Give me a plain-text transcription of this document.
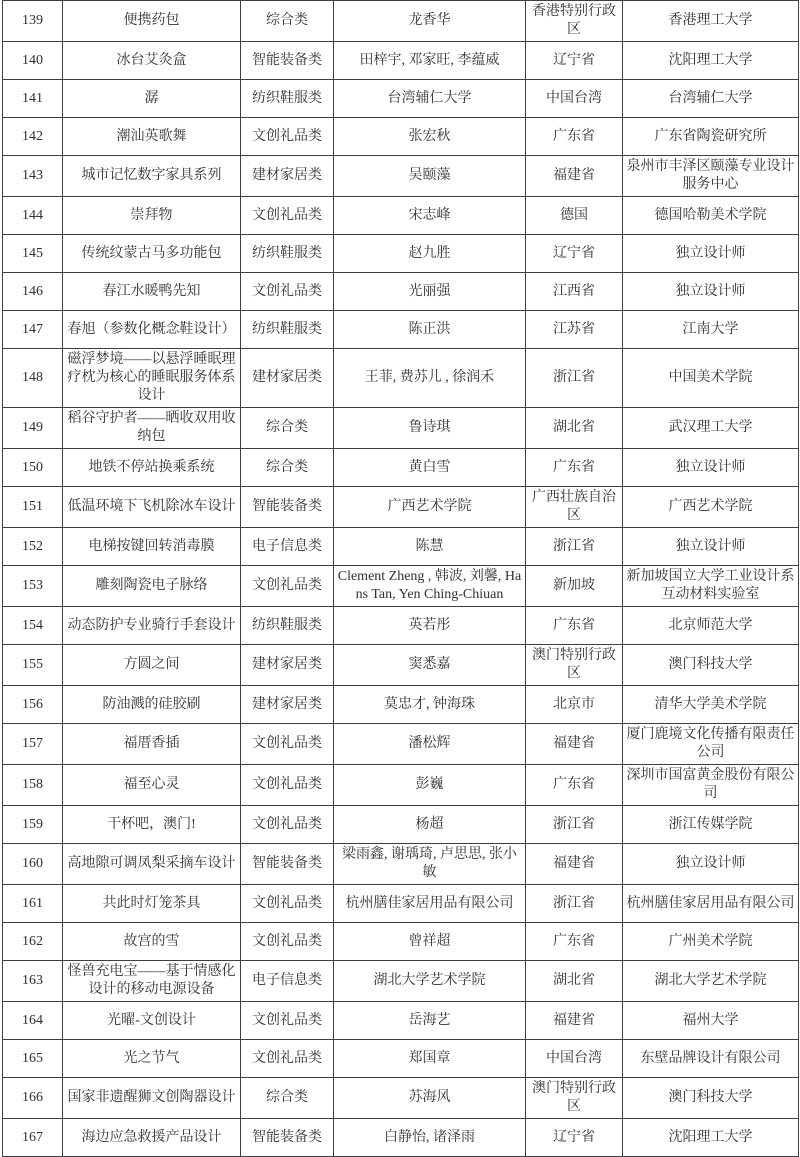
139	便携药包	综合类	龙香华	香港特别行政区	香港理工大学
140	冰台艾灸盒	智能装备类	田梓宇, 邓家旺, 李蕴威	辽宁省	沈阳理工大学
141	潺	纺织鞋服类	台湾辅仁大学	中国台湾	台湾辅仁大学
142	潮汕英歌舞	文创礼品类	张宏秋	广东省	广东省陶瓷研究所
143	城市记忆数字家具系列	建材家居类	吴颐藻	福建省	泉州市丰泽区颐藻专业设计服务中心
144	崇拜物	文创礼品类	宋志峰	德国	德国哈勒美术学院
145	传统纹蒙古马多功能包	纺织鞋服类	赵九胜	辽宁省	独立设计师
146	春江水暖鸭先知	文创礼品类	光丽强	江西省	独立设计师
147	春旭（参数化概念鞋设计）	纺织鞋服类	陈正洪	江苏省	江南大学
148	磁浮梦境——以悬浮睡眠理疗枕为核心的睡眠服务体系设计	建材家居类	王菲, 费苏儿 , 徐润禾	浙江省	中国美术学院
149	稻谷守护者——晒收双用收纳包	综合类	鲁诗琪	湖北省	武汉理工大学
150	地铁不停站换乘系统	综合类	黄白雪	广东省	独立设计师
151	低温环境下飞机除冰车设计	智能装备类	广西艺术学院	广西壮族自治区	广西艺术学院
152	电梯按键回转消毒膜	电子信息类	陈慧	浙江省	独立设计师
153	雕刻陶瓷电子脉络	文创礼品类	Clement Zheng , 韩波, 刘馨, Hans Tan, Yen Ching-Chiuan	新加坡	新加坡国立大学工业设计系互动材料实验室
154	动态防护专业骑行手套设计	纺织鞋服类	英若彤	广东省	北京师范大学
155	方圆之间	建材家居类	窦悉嘉	澳门特别行政区	澳门科技大学
156	防油溅的硅胶刷	建材家居类	莫忠才, 钟海珠	北京市	清华大学美术学院
157	福厝香插	文创礼品类	潘松辉	福建省	厦门鹿境文化传播有限责任公司
158	福至心灵	文创礼品类	彭巍	广东省	深圳市国富黄金股份有限公司
159	干杯吧，澳门!	文创礼品类	杨超	浙江省	浙江传媒学院
160	高地隙可调凤梨采摘车设计	智能装备类	梁雨鑫, 谢瑀琦, 卢思思, 张小敏	福建省	独立设计师
161	共此时灯笼茶具	文创礼品类	杭州膳佳家居用品有限公司	浙江省	杭州膳佳家居用品有限公司
162	故宫的雪	文创礼品类	曾祥超	广东省	广州美术学院
163	怪兽充电宝——基于情感化设计的移动电源设备	电子信息类	湖北大学艺术学院	湖北省	湖北大学艺术学院
164	光曜-文创设计	文创礼品类	岳海艺	福建省	福州大学
165	光之节气	文创礼品类	郑国章	中国台湾	东壁品牌设计有限公司
166	国家非遗醒狮文创陶器设计	综合类	苏海风	澳门特别行政区	澳门科技大学
167	海边应急救援产品设计	智能装备类	白静怡, 诸泽雨	辽宁省	沈阳理工大学
